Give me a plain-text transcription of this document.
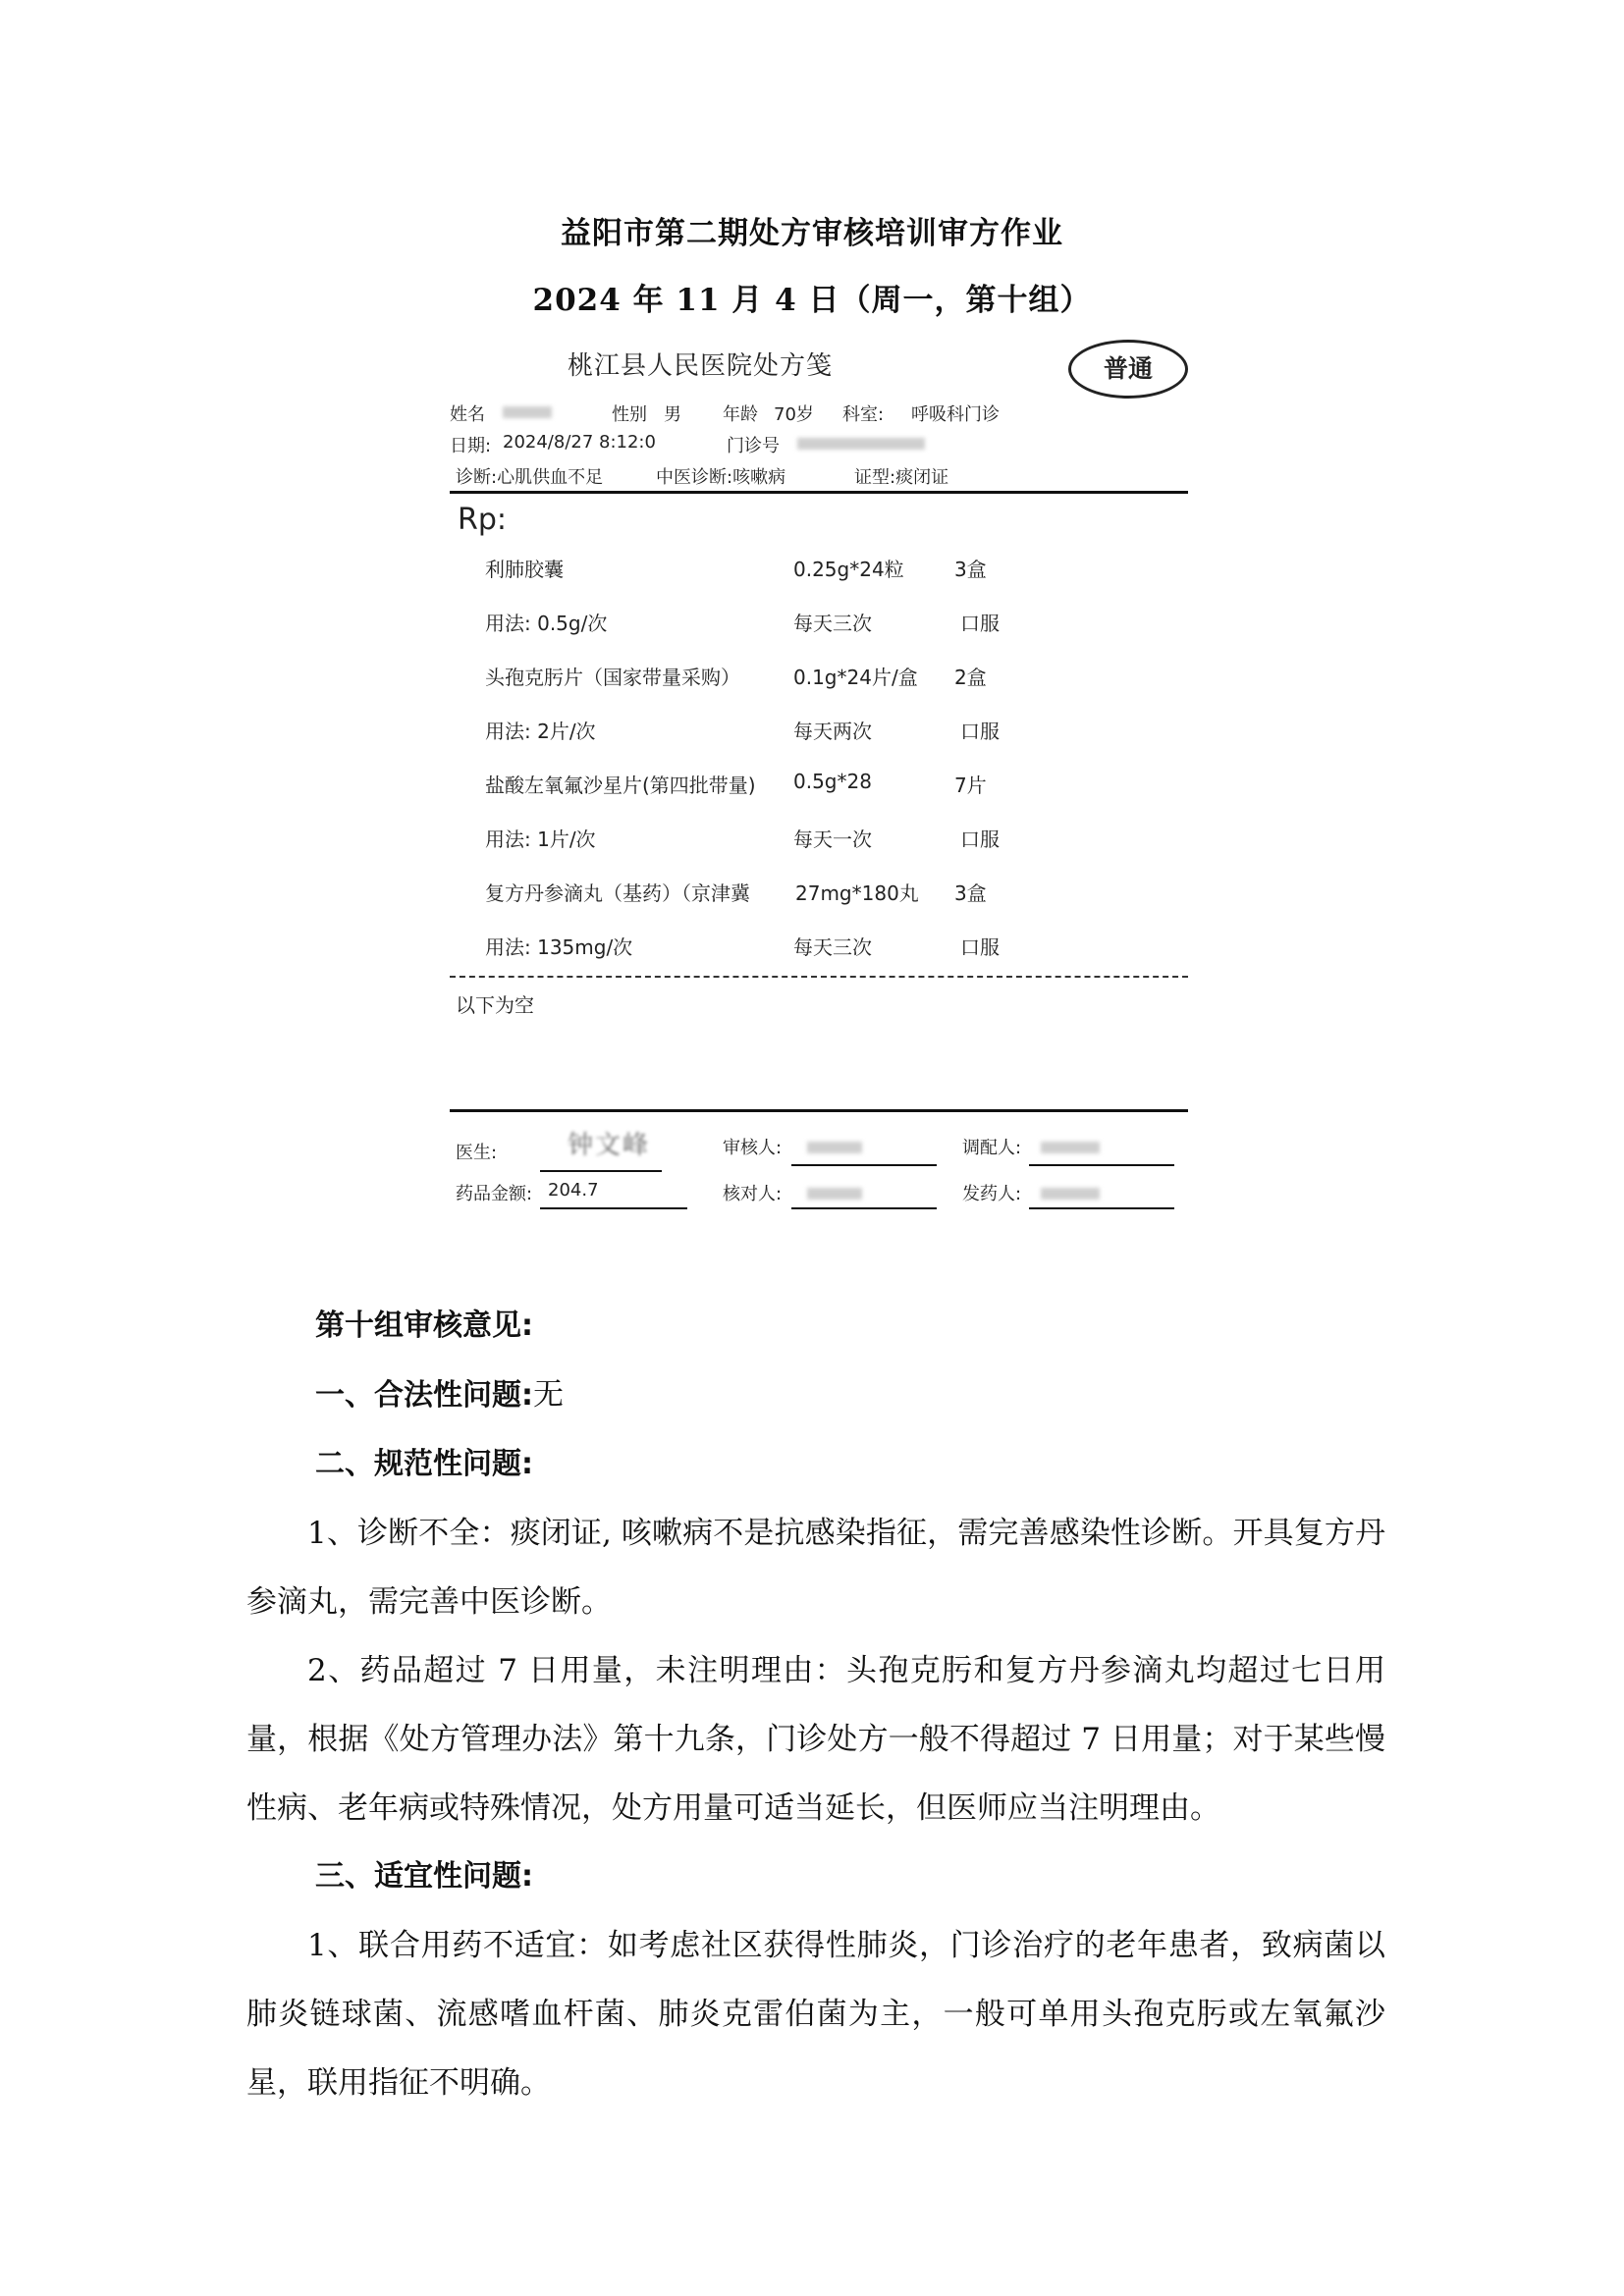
益阳市第二期处方审核培训审方作业
2024 年 11 月 4 日（周一，第十组）
桃江县人民医院处方笺	普通
姓名	性别 男 年龄 70岁 科室: 呼吸科门诊
日期: 2024/8/27 8:12:0	门诊号
诊断:心肌供血不足	中医诊断:咳嗽病	证型:痰闭证
Rp:
利肺胶囊	0.25g*24粒	3盒
用法: 0.5g/次	每天三次	口服
头孢克肟片（国家带量采购）	0.1g*24片/盒 2盒
用法: 2片/次	每天两次	口服
盐酸左氧氟沙星片(第四批带量) 0.5g*28	7片
用法: 1片/次	每天一次	口服
复方丹参滴丸（基药）（京津冀 27mg*180丸 3盒
用法: 135mg/次	每天三次	口服
以下为空
医生:	钟文峰	审核人:	调配人:
药品金额: 204.7	核对人:	发药人:

第十组审核意见:

一、合法性问题:无

二、规范性问题:

1、诊断不全：痰闭证, 咳嗽病不是抗感染指征，需完善感染性诊断。开具复方丹参滴丸，需完善中医诊断。

2、药品超过 7 日用量，未注明理由：头孢克肟和复方丹参滴丸均超过七日用量，根据《处方管理办法》第十九条，门诊处方一般不得超过 7 日用量；对于某些慢性病、老年病或特殊情况，处方用量可适当延长，但医师应当注明理由。

三、适宜性问题:

1、联合用药不适宜：如考虑社区获得性肺炎，门诊治疗的老年患者，致病菌以肺炎链球菌、流感嗜血杆菌、肺炎克雷伯菌为主，一般可单用头孢克肟或左氧氟沙星，联用指征不明确。
